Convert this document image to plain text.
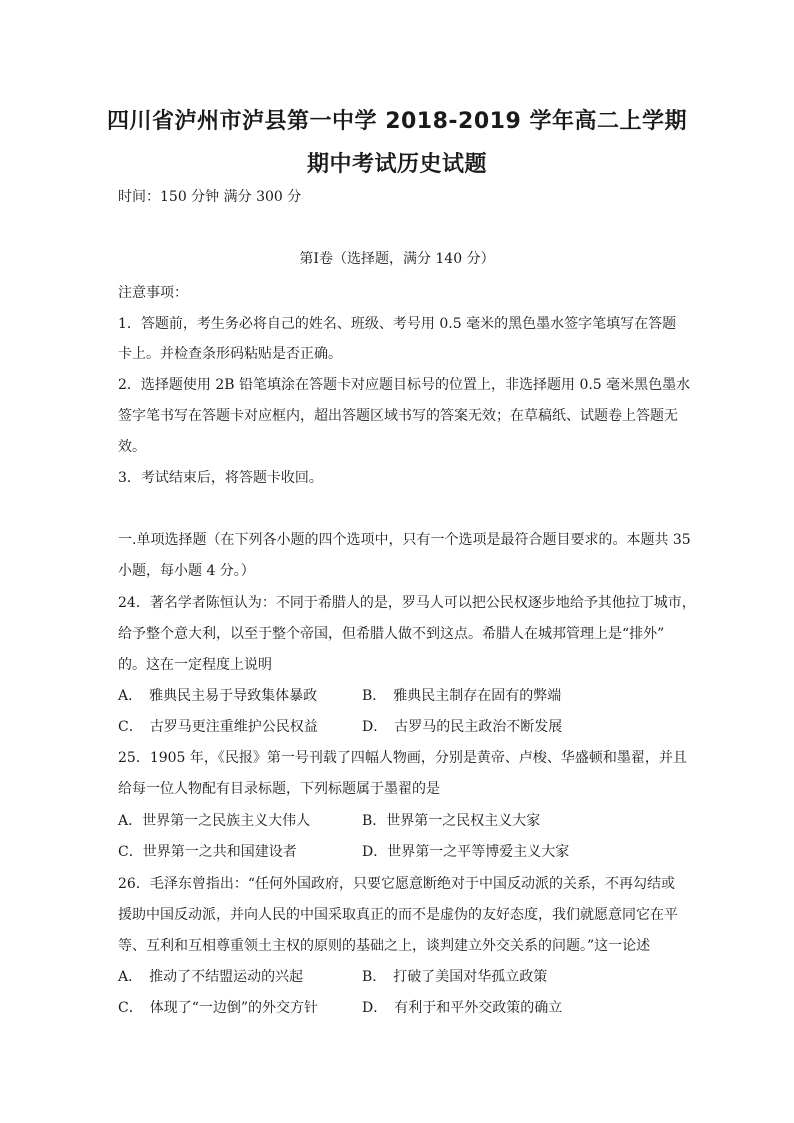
四川省泸州市泸县第一中学 2018-2019 学年高二上学期
期中考试历史试题
时间：150 分钟 满分 300 分
第Ⅰ卷（选择题，满分 140 分）
注意事项：
1．答题前，考生务必将自己的姓名、班级、考号用 0.5 毫米的黑色墨水签字笔填写在答题
卡上。并检查条形码粘贴是否正确。
2．选择题使用 2B 铅笔填涂在答题卡对应题目标号的位置上，非选择题用 0.5 毫米黑色墨水
签字笔书写在答题卡对应框内，超出答题区域书写的答案无效；在草稿纸、试题卷上答题无
效。
3．考试结束后，将答题卡收回。
一.单项选择题（在下列各小题的四个选项中，只有一个选项是最符合题目要求的。本题共 35
小题，每小题 4 分。）
24．著名学者陈恒认为：不同于希腊人的是，罗马人可以把公民权逐步地给予其他拉丁城市，
给予整个意大利，以至于整个帝国，但希腊人做不到这点。希腊人在城邦管理上是“排外”
的。这在一定程度上说明
A．　雅典民主易于导致集体暴政	B．　雅典民主制存在固有的弊端
C．　古罗马更注重维护公民权益	D．　古罗马的民主政治不断发展
25．1905 年，《民报》第一号刊载了四幅人物画，分别是黄帝、卢梭、华盛顿和墨翟，并且
给每一位人物配有目录标题，下列标题属于墨翟的是
A．世界第一之民族主义大伟人	B．世界第一之民权主义大家
C．世界第一之共和国建设者	D．世界第一之平等博爱主义大家
26．毛泽东曾指出：“任何外国政府，只要它愿意断绝对于中国反动派的关系，不再勾结或
援助中国反动派，并向人民的中国采取真正的而不是虚伪的友好态度，我们就愿意同它在平
等、互利和互相尊重领土主权的原则的基础之上，谈判建立外交关系的问题。”这一论述
A．　推动了不结盟运动的兴起	B．　打破了美国对华孤立政策
C．　体现了“一边倒”的外交方针	D．　有利于和平外交政策的确立
